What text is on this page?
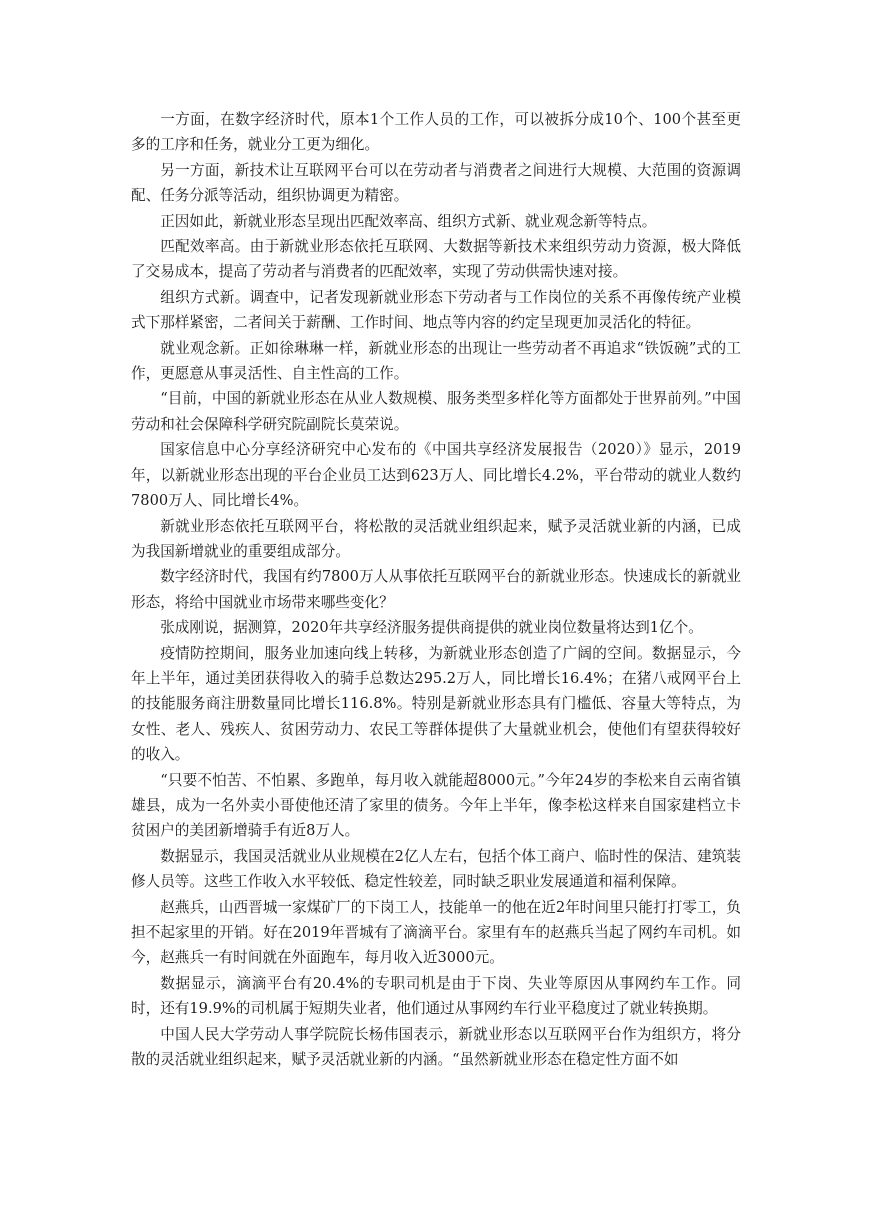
一方面，在数字经济时代，原本1个工作人员的工作，可以被拆分成10个、100个甚至更多的工序和任务，就业分工更为细化。

另一方面，新技术让互联网平台可以在劳动者与消费者之间进行大规模、大范围的资源调配、任务分派等活动，组织协调更为精密。

正因如此，新就业形态呈现出匹配效率高、组织方式新、就业观念新等特点。

匹配效率高。由于新就业形态依托互联网、大数据等新技术来组织劳动力资源，极大降低了交易成本，提高了劳动者与消费者的匹配效率，实现了劳动供需快速对接。

组织方式新。调查中，记者发现新就业形态下劳动者与工作岗位的关系不再像传统产业模式下那样紧密，二者间关于薪酬、工作时间、地点等内容的约定呈现更加灵活化的特征。

就业观念新。正如徐琳琳一样，新就业形态的出现让一些劳动者不再追求“铁饭碗”式的工作，更愿意从事灵活性、自主性高的工作。

“目前，中国的新就业形态在从业人数规模、服务类型多样化等方面都处于世界前列。”中国劳动和社会保障科学研究院副院长莫荣说。

国家信息中心分享经济研究中心发布的《中国共享经济发展报告（2020）》显示，2019年，以新就业形态出现的平台企业员工达到623万人、同比增长4.2%，平台带动的就业人数约7800万人、同比增长4%。

新就业形态依托互联网平台，将松散的灵活就业组织起来，赋予灵活就业新的内涵，已成为我国新增就业的重要组成部分。

数字经济时代，我国有约7800万人从事依托互联网平台的新就业形态。快速成长的新就业形态，将给中国就业市场带来哪些变化？

张成刚说，据测算，2020年共享经济服务提供商提供的就业岗位数量将达到1亿个。

疫情防控期间，服务业加速向线上转移，为新就业形态创造了广阔的空间。数据显示，今年上半年，通过美团获得收入的骑手总数达295.2万人，同比增长16.4%；在猪八戒网平台上的技能服务商注册数量同比增长116.8%。特别是新就业形态具有门槛低、容量大等特点，为女性、老人、残疾人、贫困劳动力、农民工等群体提供了大量就业机会，使他们有望获得较好的收入。

“只要不怕苦、不怕累、多跑单，每月收入就能超8000元。”今年24岁的李松来自云南省镇雄县，成为一名外卖小哥使他还清了家里的债务。今年上半年，像李松这样来自国家建档立卡贫困户的美团新增骑手有近8万人。

数据显示，我国灵活就业从业规模在2亿人左右，包括个体工商户、临时性的保洁、建筑装修人员等。这些工作收入水平较低、稳定性较差，同时缺乏职业发展通道和福利保障。

赵燕兵，山西晋城一家煤矿厂的下岗工人，技能单一的他在近2年时间里只能打打零工，负担不起家里的开销。好在2019年晋城有了滴滴平台。家里有车的赵燕兵当起了网约车司机。如今，赵燕兵一有时间就在外面跑车，每月收入近3000元。

数据显示，滴滴平台有20.4%的专职司机是由于下岗、失业等原因从事网约车工作。同时，还有19.9%的司机属于短期失业者，他们通过从事网约车行业平稳度过了就业转换期。

中国人民大学劳动人事学院院长杨伟国表示，新就业形态以互联网平台作为组织方，将分散的灵活就业组织起来，赋予灵活就业新的内涵。“虽然新就业形态在稳定性方面不如
